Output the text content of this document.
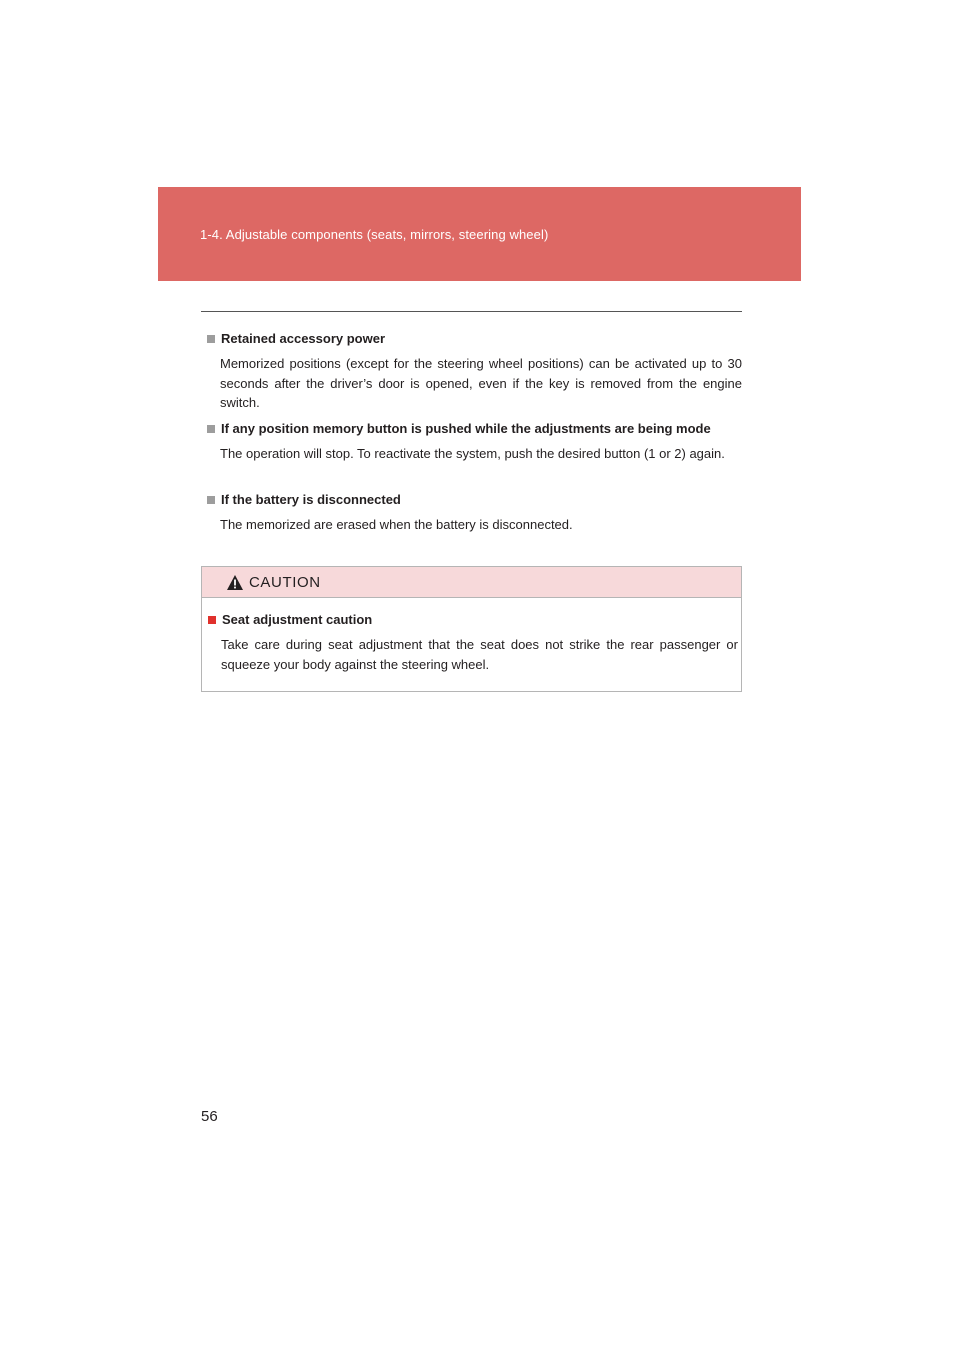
1-4. Adjustable components (seats, mirrors, steering wheel)
Retained accessory power
Memorized positions (except for the steering wheel positions) can be activated up to 30 seconds after the driver’s door is opened, even if the key is removed from the engine switch.
If any position memory button is pushed while the adjustments are being mode
The operation will stop. To reactivate the system, push the desired button (1 or 2) again.
If the battery is disconnected
The memorized are erased when the battery is disconnected.
CAUTION
Seat adjustment caution
Take care during seat adjustment that the seat does not strike the rear passenger or squeeze your body against the steering wheel.
56
